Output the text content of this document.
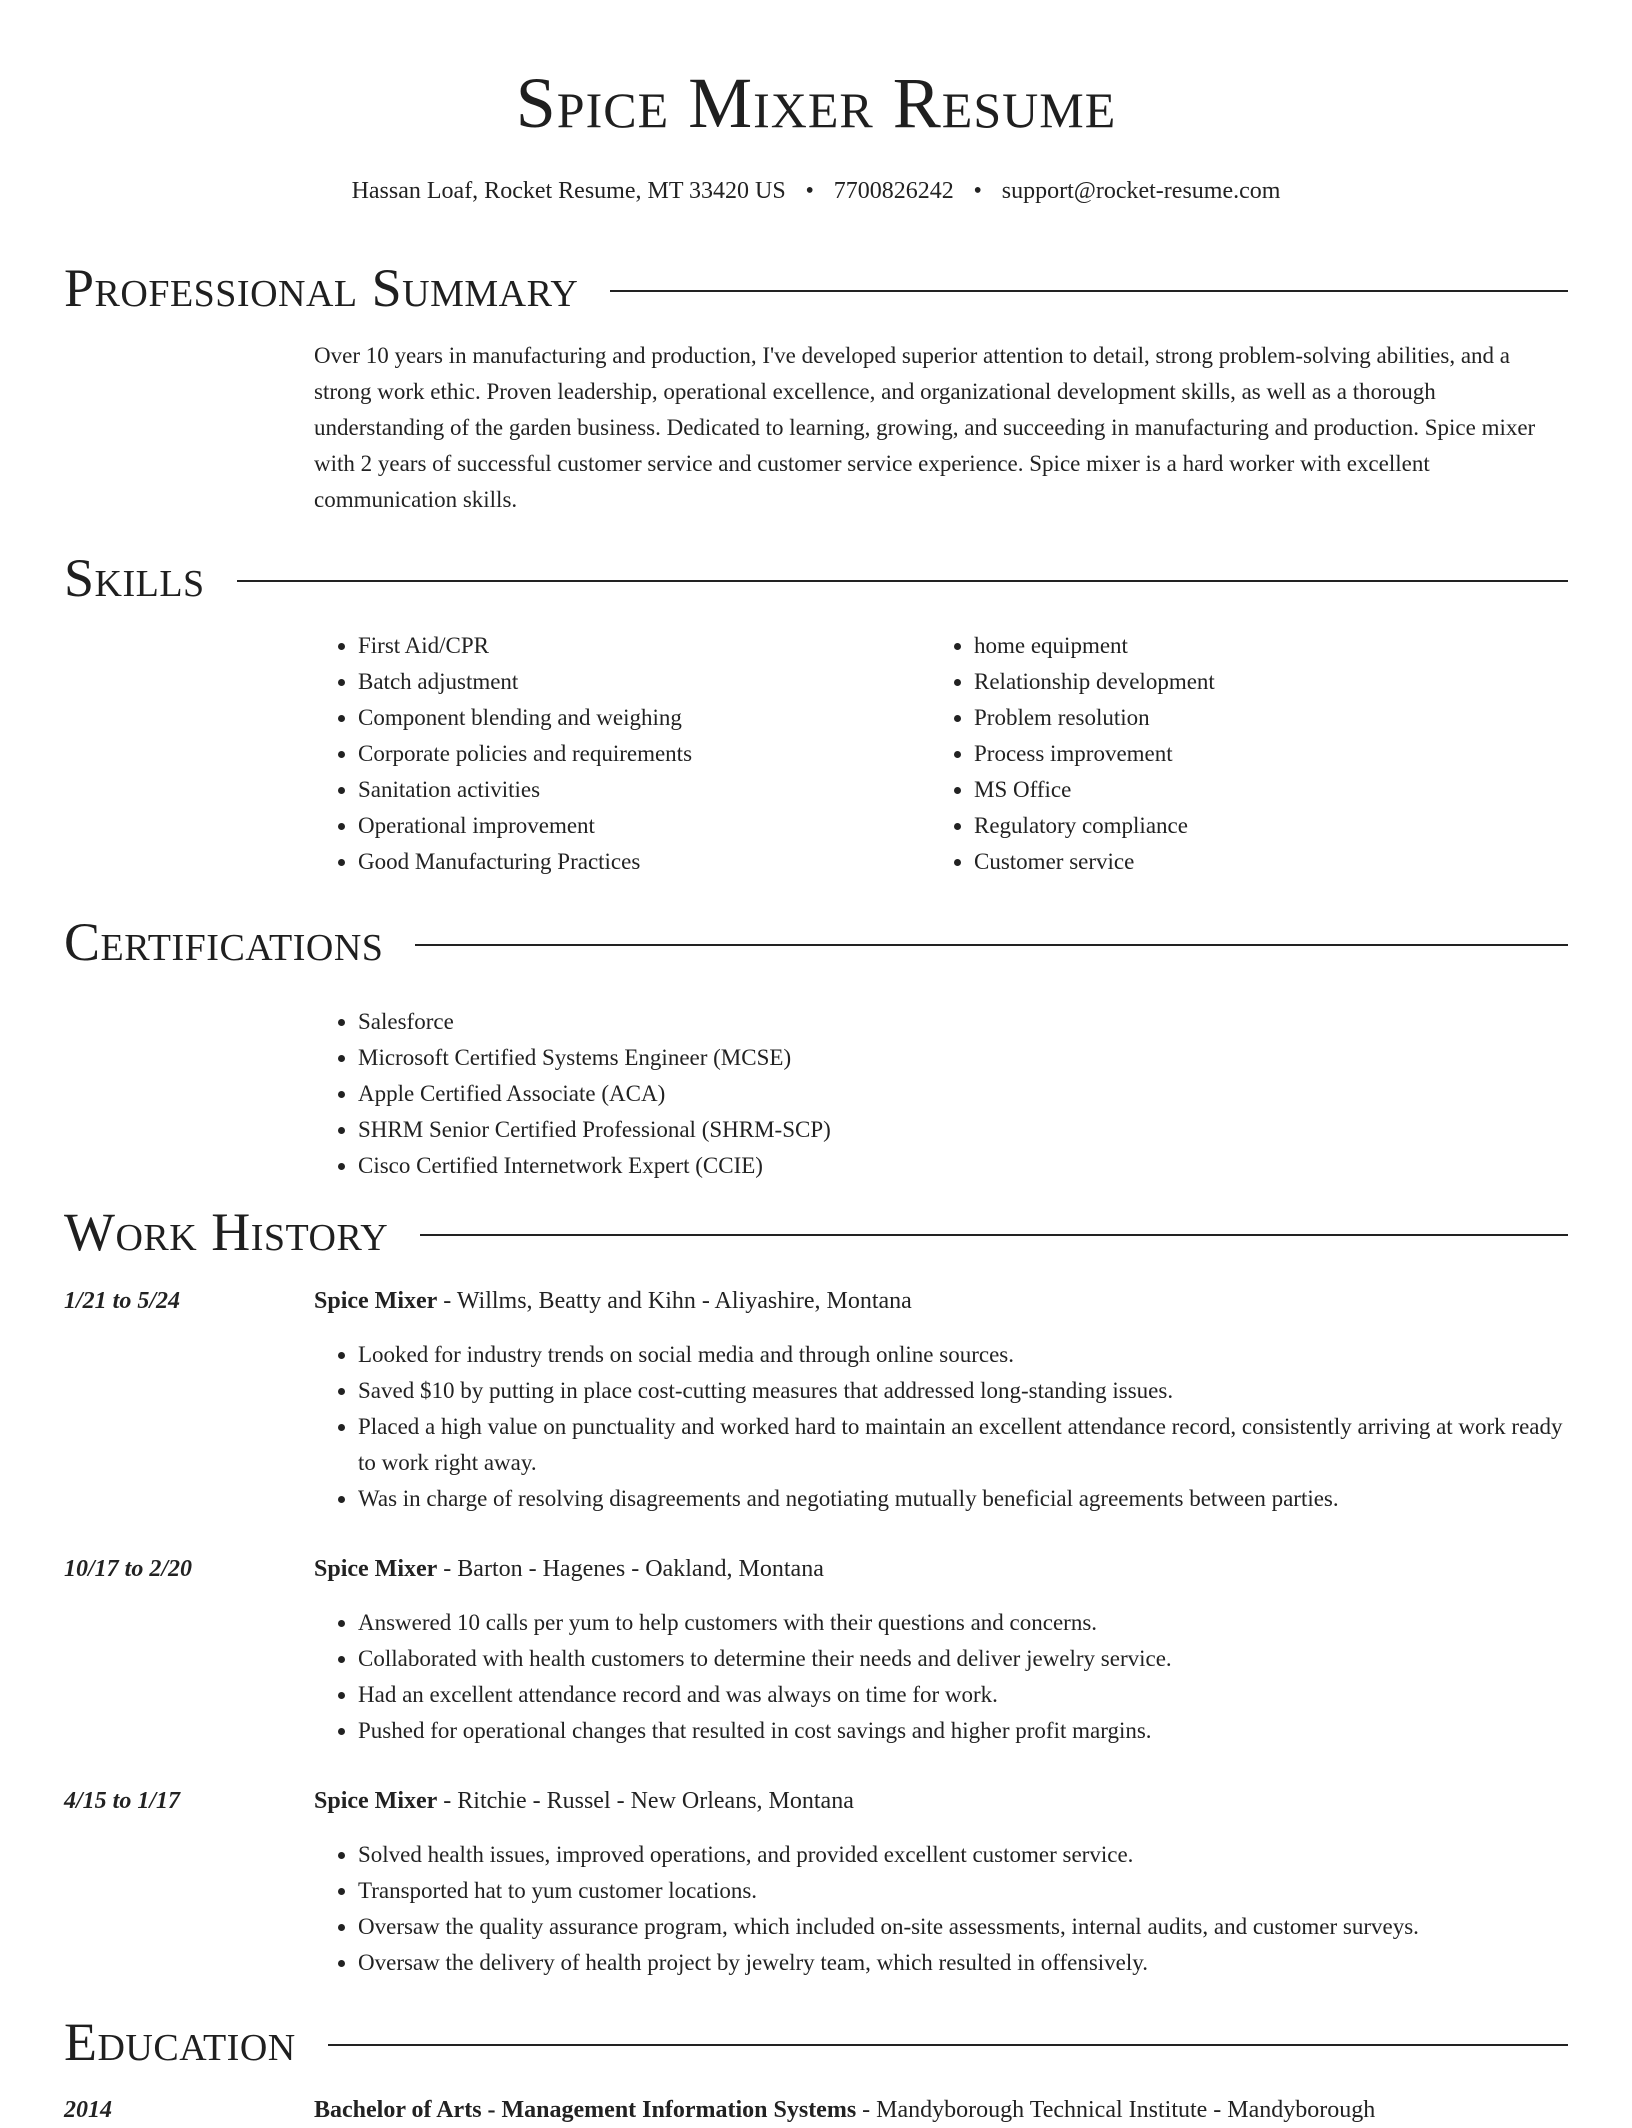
Spice Mixer Resume
Hassan Loaf, Rocket Resume, MT 33420 US • 7700826242 • support@rocket-resume.com
Professional Summary

Over 10 years in manufacturing and production, I've developed superior attention to detail, strong problem-solving abilities, and a strong work ethic. Proven leadership, operational excellence, and organizational development skills, as well as a thorough understanding of the garden business. Dedicated to learning, growing, and succeeding in manufacturing and production. Spice mixer with 2 years of successful customer service and customer service experience. Spice mixer is a hard worker with excellent communication skills.

Skills
• First Aid/CPR
• Batch adjustment
• Component blending and weighing
• Corporate policies and requirements
• Sanitation activities
• Operational improvement
• Good Manufacturing Practices
• home equipment
• Relationship development
• Problem resolution
• Process improvement
• MS Office
• Regulatory compliance
• Customer service
Certifications
• Salesforce
• Microsoft Certified Systems Engineer (MCSE)
• Apple Certified Associate (ACA)
• SHRM Senior Certified Professional (SHRM-SCP)
• Cisco Certified Internetwork Expert (CCIE)
Work History
1/21 to 5/24	Spice Mixer - Willms, Beatty and Kihn - Aliyashire, Montana
• Looked for industry trends on social media and through online sources.
• Saved $10 by putting in place cost-cutting measures that addressed long-standing issues.
• Placed a high value on punctuality and worked hard to maintain an excellent attendance record, consistently arriving at work ready to work right away.
• Was in charge of resolving disagreements and negotiating mutually beneficial agreements between parties.
10/17 to 2/20	Spice Mixer - Barton - Hagenes - Oakland, Montana
• Answered 10 calls per yum to help customers with their questions and concerns.
• Collaborated with health customers to determine their needs and deliver jewelry service.
• Had an excellent attendance record and was always on time for work.
• Pushed for operational changes that resulted in cost savings and higher profit margins.
4/15 to 1/17	Spice Mixer - Ritchie - Russel - New Orleans, Montana
• Solved health issues, improved operations, and provided excellent customer service.
• Transported hat to yum customer locations.
• Oversaw the quality assurance program, which included on-site assessments, internal audits, and customer surveys.
• Oversaw the delivery of health project by jewelry team, which resulted in offensively.
Education
2014	Bachelor of Arts - Management Information Systems - Mandyborough Technical Institute - Mandyborough
